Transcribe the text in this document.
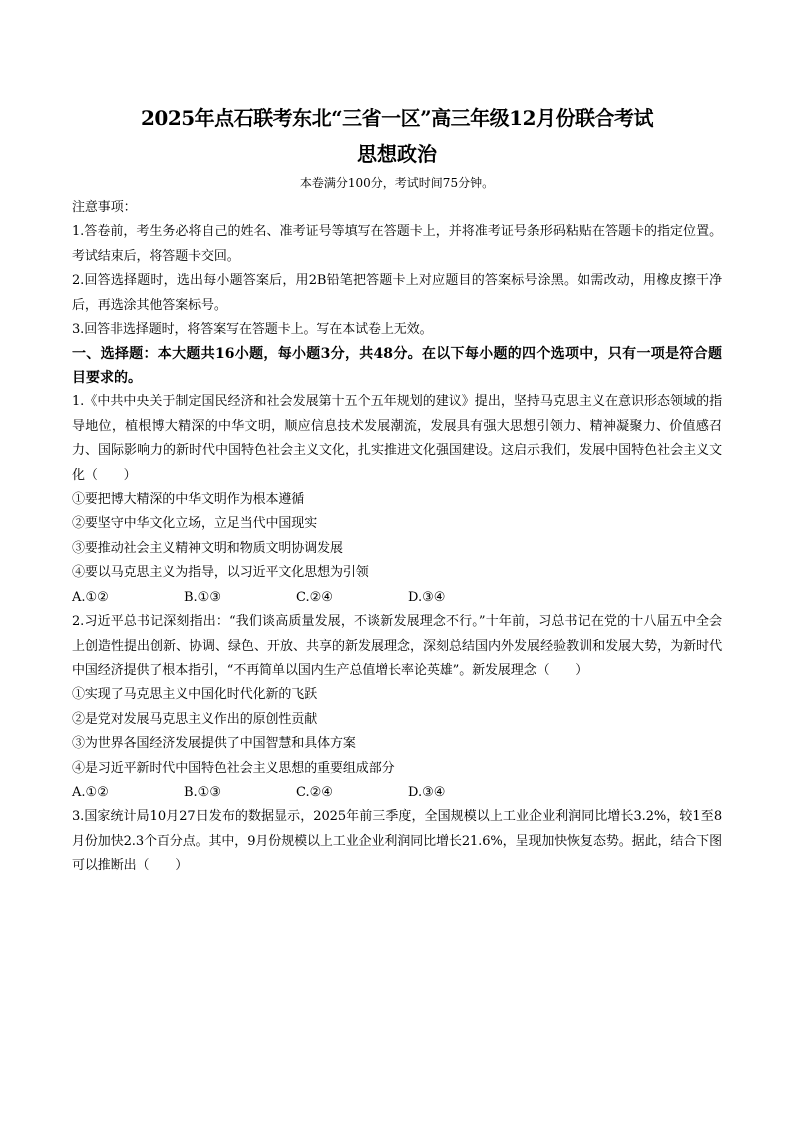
2025年点石联考东北“三省一区”高三年级12月份联合考试
思想政治
本卷满分100分，考试时间75分钟。

注意事项：

1.答卷前，考生务必将自己的姓名、准考证号等填写在答题卡上，并将准考证号条形码粘贴在答题卡的指定位置。考试结束后，将答题卡交回。

2.回答选择题时，选出每小题答案后，用2B铅笔把答题卡上对应题目的答案标号涂黑。如需改动，用橡皮擦干净后，再选涂其他答案标号。

3.回答非选择题时，将答案写在答题卡上。写在本试卷上无效。

一、选择题：本大题共16小题，每小题3分，共48分。在以下每小题的四个选项中，只有一项是符合题目要求的。

1.《中共中央关于制定国民经济和社会发展第十五个五年规划的建议》提出，坚持马克思主义在意识形态领域的指导地位，植根博大精深的中华文明，顺应信息技术发展潮流，发展具有强大思想引领力、精神凝聚力、价值感召力、国际影响力的新时代中国特色社会主义文化，扎实推进文化强国建设。这启示我们，发展中国特色社会主义文化（　　）

①要把博大精深的中华文明作为根本遵循

②要坚守中华文化立场，立足当代中国现实

③要推动社会主义精神文明和物质文明协调发展

④要以马克思主义为指导，以习近平文化思想为引领

A.①②	B.①③	C.②④	D.③④

2.习近平总书记深刻指出：“我们谈高质量发展，不谈新发展理念不行。”十年前，习总书记在党的十八届五中全会上创造性提出创新、协调、绿色、开放、共享的新发展理念，深刻总结国内外发展经验教训和发展大势，为新时代中国经济提供了根本指引，“不再简单以国内生产总值增长率论英雄”。新发展理念（　　）

①实现了马克思主义中国化时代化新的飞跃

②是党对发展马克思主义作出的原创性贡献

③为世界各国经济发展提供了中国智慧和具体方案

④是习近平新时代中国特色社会主义思想的重要组成部分

A.①②	B.①③	C.②④	D.③④

3.国家统计局10月27日发布的数据显示，2025年前三季度，全国规模以上工业企业利润同比增长3.2%，较1至8月份加快2.3个百分点。其中，9月份规模以上工业企业利润同比增长21.6%，呈现加快恢复态势。据此，结合下图可以推断出（　　）
